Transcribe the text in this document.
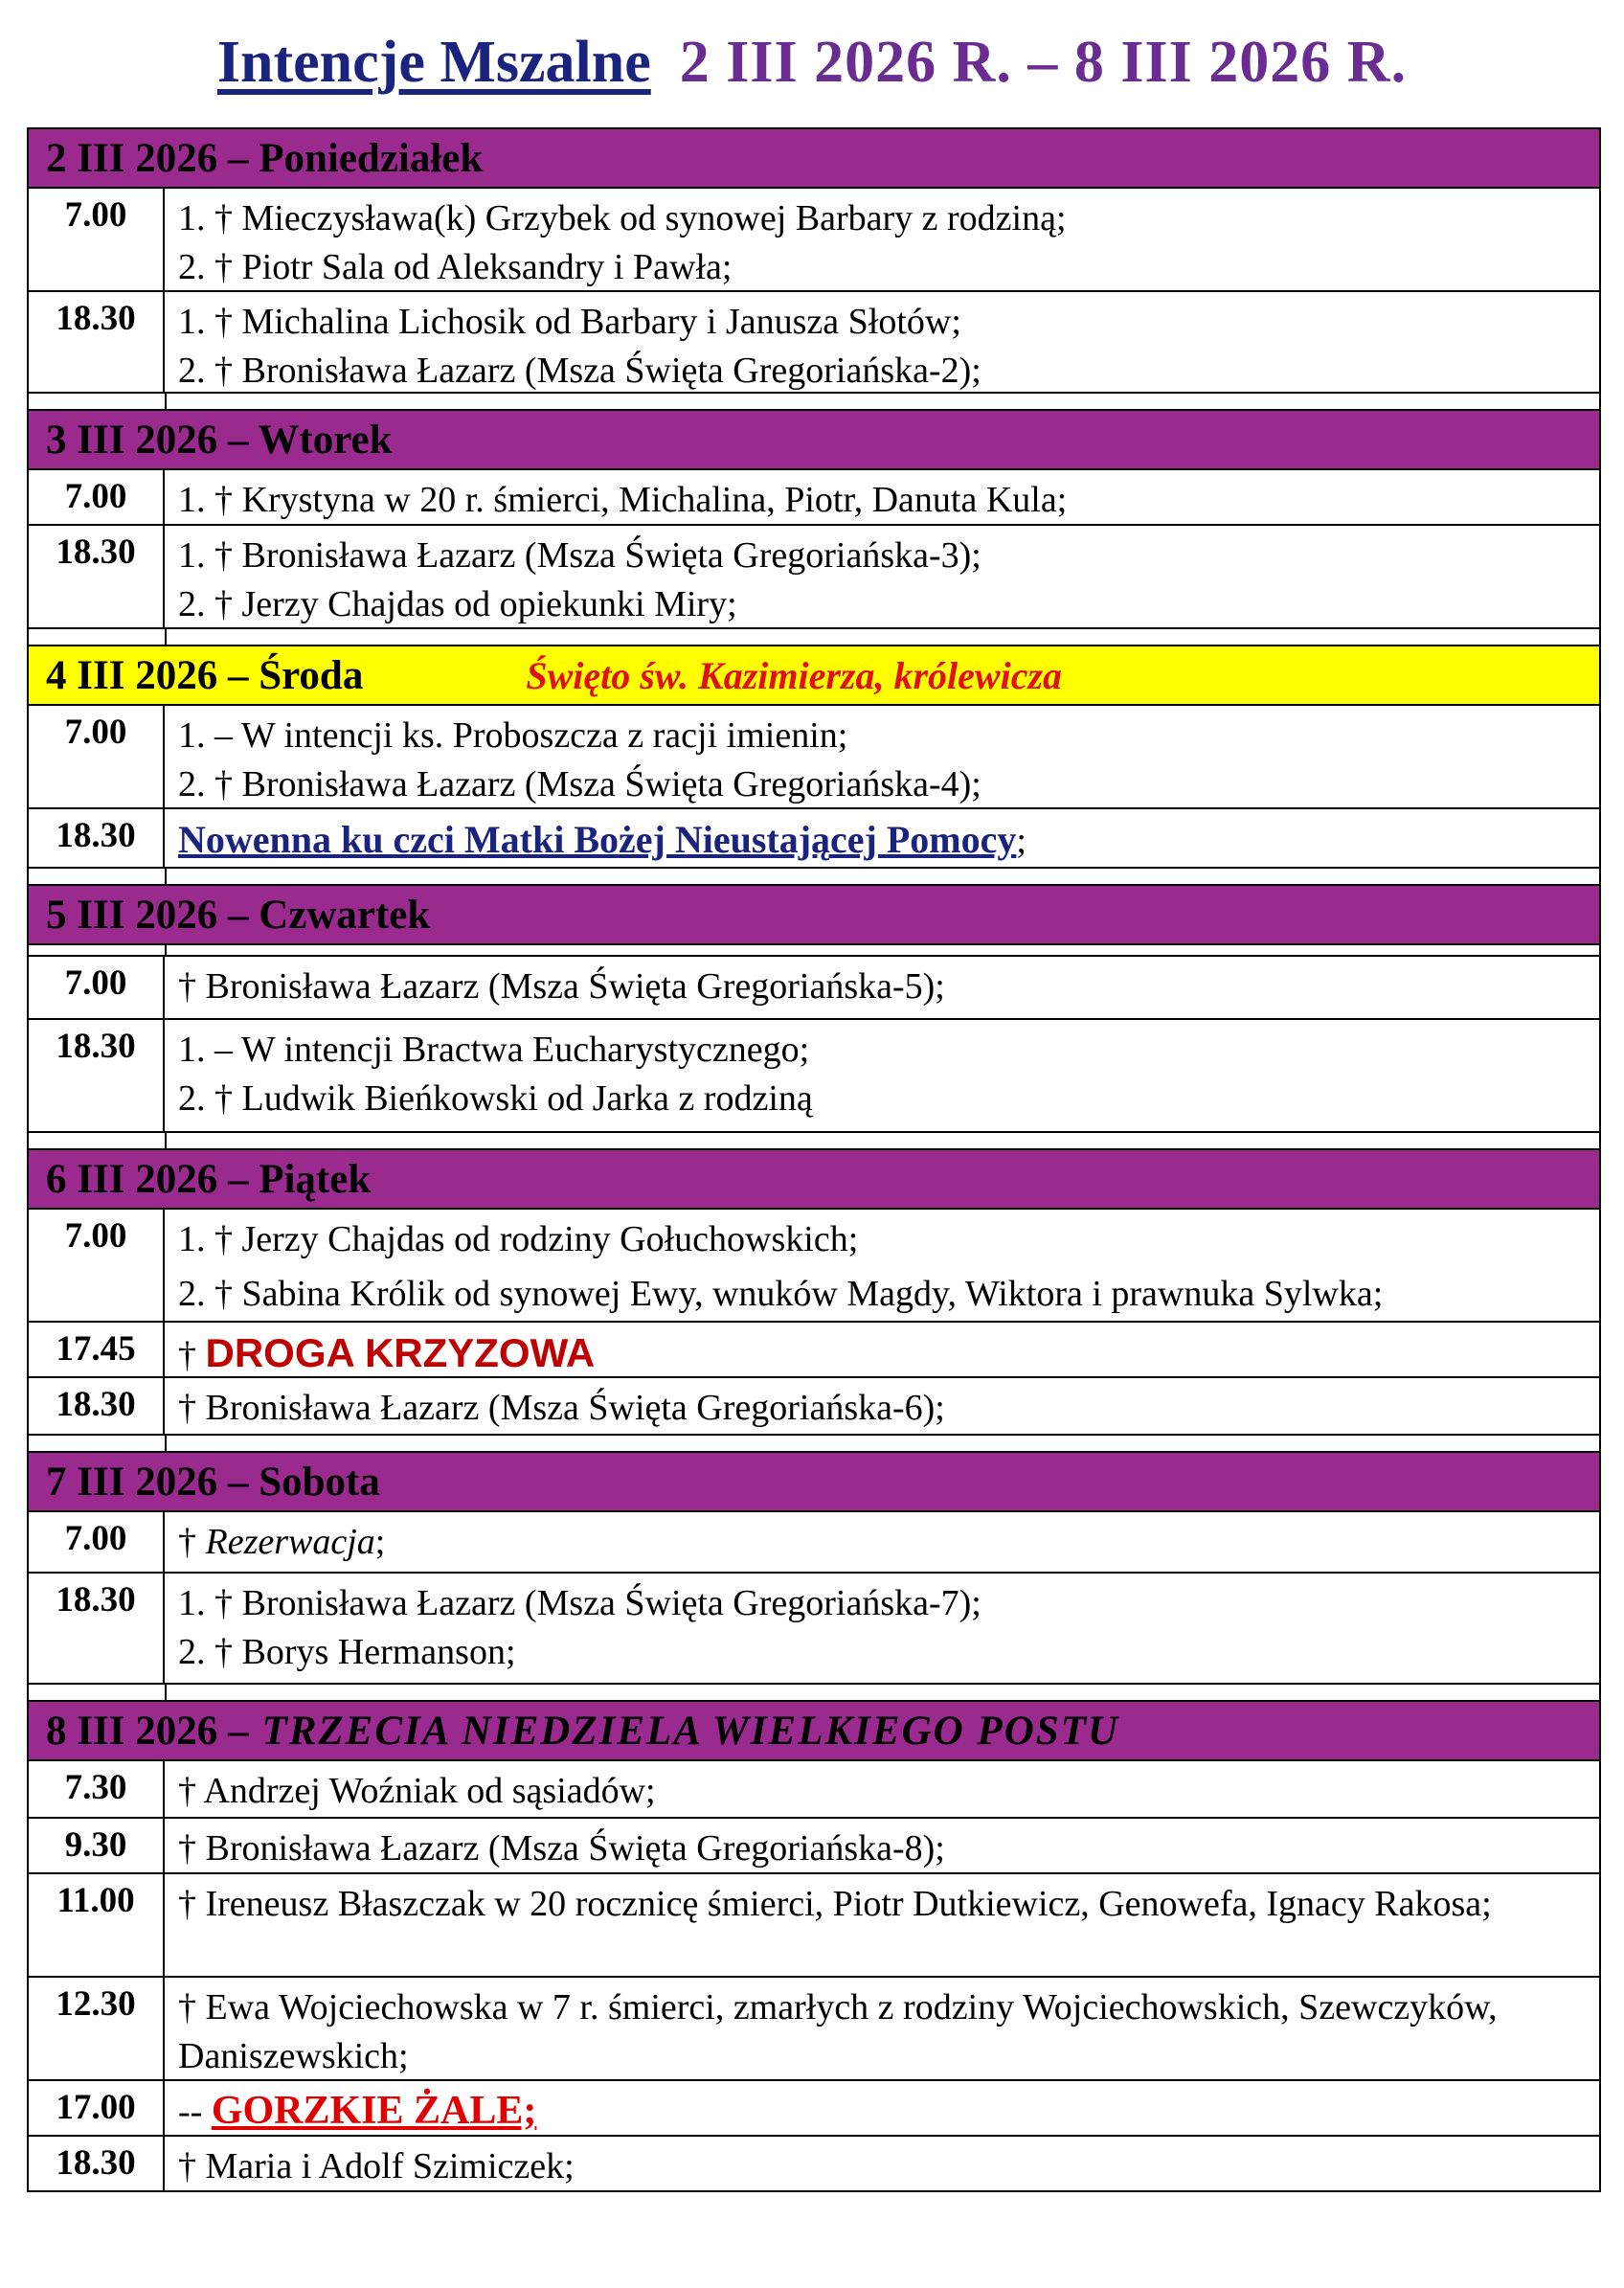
Intencje Mszalne 2 III 2026 R. – 8 III 2026 R.
2 III 2026 – Poniedziałek
7.00	1. † Mieczysława(k) Grzybek od synowej Barbary z rodziną;
2. † Piotr Sala od Aleksandry i Pawła;
18.30	1. † Michalina Lichosik od Barbary i Janusza Słotów;
2. † Bronisława Łazarz (Msza Święta Gregoriańska-2);
3 III 2026 – Wtorek
7.00	1. † Krystyna w 20 r. śmierci, Michalina, Piotr, Danuta Kula;
18.30	1. † Bronisława Łazarz (Msza Święta Gregoriańska-3);
2. † Jerzy Chajdas od opiekunki Miry;
4 III 2026 – Środa	Święto św. Kazimierza, królewicza
7.00	1. – W intencji ks. Proboszcza z racji imienin;
2. † Bronisława Łazarz (Msza Święta Gregoriańska-4);
18.30	Nowenna ku czci Matki Bożej Nieustającej Pomocy;
5 III 2026 – Czwartek
7.00	† Bronisława Łazarz (Msza Święta Gregoriańska-5);
18.30	1. – W intencji Bractwa Eucharystycznego;
2. † Ludwik Bieńkowski od Jarka z rodziną
6 III 2026 – Piątek
7.00	1. † Jerzy Chajdas od rodziny Gołuchowskich;
2. † Sabina Królik od synowej Ewy, wnuków Magdy, Wiktora i prawnuka Sylwka;
17.45	† DROGA KRZYZOWA
18.30	† Bronisława Łazarz (Msza Święta Gregoriańska-6);
7 III 2026 – Sobota
7.00	† Rezerwacja;
18.30	1. † Bronisława Łazarz (Msza Święta Gregoriańska-7);
2. † Borys Hermanson;
8 III 2026 – TRZECIA NIEDZIELA WIELKIEGO POSTU
7.30	† Andrzej Woźniak od sąsiadów;
9.30	† Bronisława Łazarz (Msza Święta Gregoriańska-8);
11.00	† Ireneusz Błaszczak w 20 rocznicę śmierci, Piotr Dutkiewicz, Genowefa, Ignacy Rakosa;
12.30	† Ewa Wojciechowska w 7 r. śmierci, zmarłych z rodziny Wojciechowskich, Szewczyków, Daniszewskich;
17.00	-- GORZKIE ŻALE;
18.30	† Maria i Adolf Szimiczek;
